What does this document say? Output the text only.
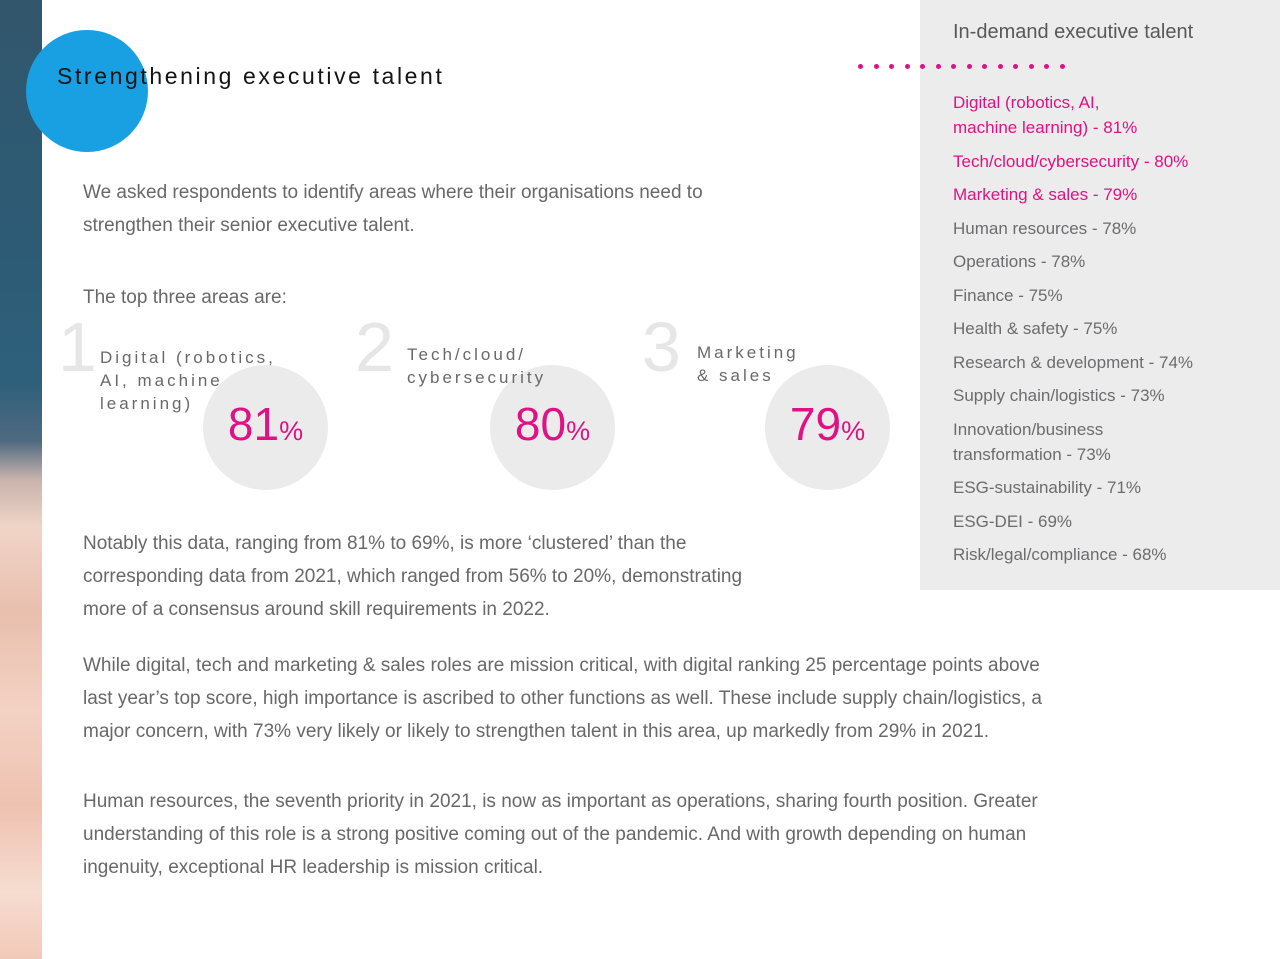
Strengthening executive talent

We asked respondents to identify areas where their organisations need to
strengthen their senior executive talent.

The top three areas are:

1 Digital (robotics,
AI, machine
learning) 81%
2 Tech/cloud/
cybersecurity
80%
3 Marketing
& sales
79%

Notably this data, ranging from 81% to 69%, is more ‘clustered’ than the
corresponding data from 2021, which ranged from 56% to 20%, demonstrating
more of a consensus around skill requirements in 2022.

While digital, tech and marketing & sales roles are mission critical, with digital ranking 25 percentage points above
last year’s top score, high importance is ascribed to other functions as well. These include supply chain/logistics, a
major concern, with 73% very likely or likely to strengthen talent in this area, up markedly from 29% in 2021.

Human resources, the seventh priority in 2021, is now as important as operations, sharing fourth position. Greater
understanding of this role is a strong positive coming out of the pandemic. And with growth depending on human
ingenuity, exceptional HR leadership is mission critical.

In-demand executive talent
Digital (robotics, AI,
machine learning) - 81%
Tech/cloud/cybersecurity - 80%
Marketing & sales - 79%
Human resources - 78%
Operations - 78%
Finance - 75%
Health & safety - 75%
Research & development - 74%
Supply chain/logistics - 73%
Innovation/business
transformation - 73%
ESG-sustainability - 71%
ESG-DEI - 69%
Risk/legal/compliance - 68%
